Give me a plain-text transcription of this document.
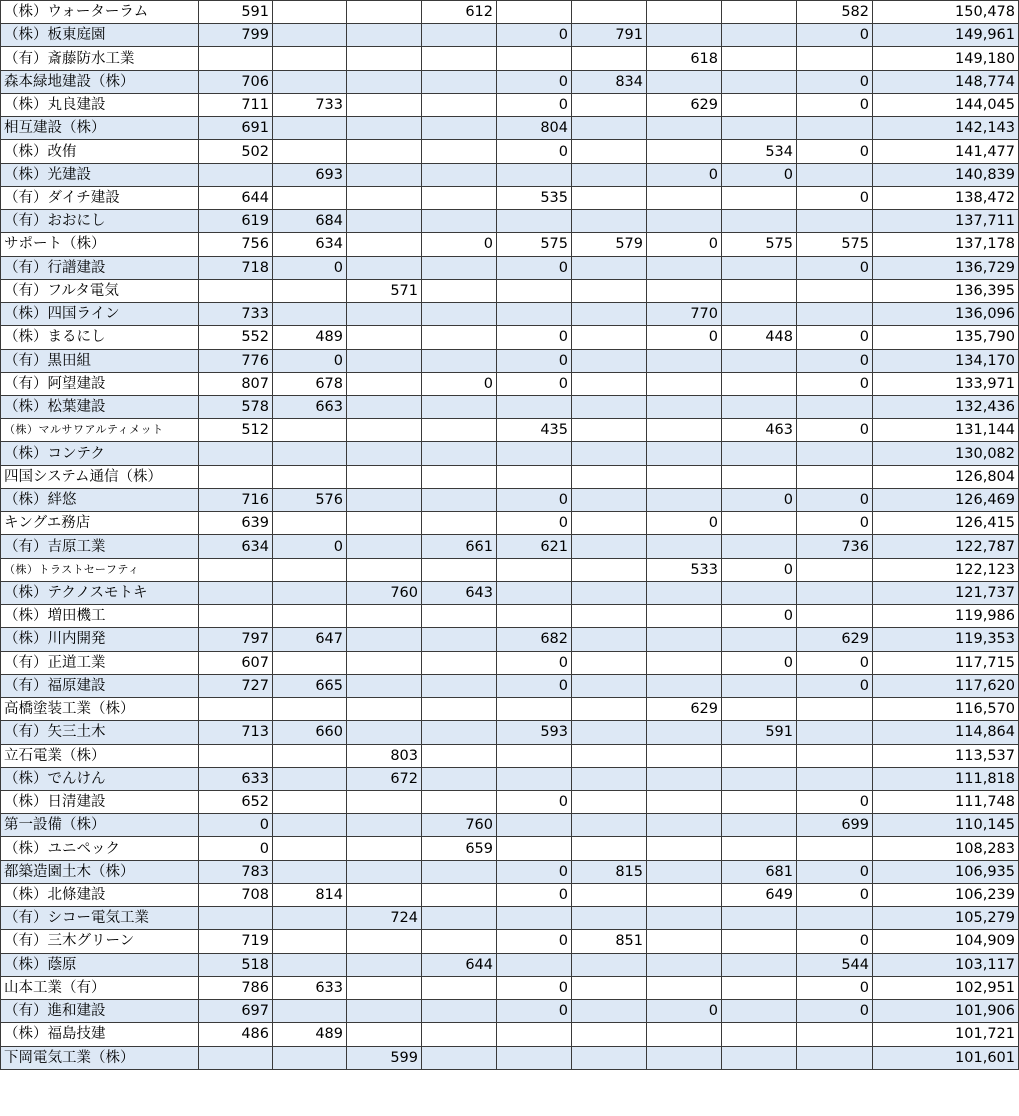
（株）ウォーターラム	591			612					582	150,478
（株）板東庭園	799				0	791			0	149,961
（有）斎藤防水工業							618			149,180
森本緑地建設（株）	706				0	834			0	148,774
（株）丸良建設	711	733			0		629		0	144,045
相互建設（株）	691				804					142,143
（株）改侑	502				0			534	0	141,477
（株）光建設		693					0	0		140,839
（有）ダイチ建設	644				535				0	138,472
（有）おおにし	619	684								137,711
サポート（株）	756	634		0	575	579	0	575	575	137,178
（有）行譜建設	718	0			0				0	136,729
（有）フルタ電気			571							136,395
（株）四国ライン	733						770			136,096
（株）まるにし	552	489			0		0	448	0	135,790
（有）黒田組	776	0			0				0	134,170
（有）阿望建設	807	678		0	0				0	133,971
（株）松葉建設	578	663								132,436
（株）マルサワアルティメット	512				435			463	0	131,144
（株）コンテク										130,082
四国システム通信（株）										126,804
（株）絆悠	716	576			0			0	0	126,469
キングエ務店	639				0		0		0	126,415
（有）吉原工業	634	0		661	621				736	122,787
（株）トラストセーフティ							533	0		122,123
（株）テクノスモトキ			760	643						121,737
（株）増田機工								0		119,986
（株）川内開発	797	647			682				629	119,353
（有）正道工業	607				0			0	0	117,715
（有）福原建設	727	665			0				0	117,620
高橋塗装工業（株）							629			116,570
（有）矢三土木	713	660			593			591		114,864
立石電業（株）			803							113,537
（株）でんけん	633		672							111,818
（株）日清建設	652				0				0	111,748
第一設備（株）	0			760					699	110,145
（株）ユニペック	0			659						108,283
都築造園土木（株）	783				0	815		681	0	106,935
（株）北條建設	708	814			0			649	0	106,239
（有）シコー電気工業			724							105,279
（有）三木グリーン	719				0	851			0	104,909
（株）蔭原	518			644					544	103,117
山本工業（有）	786	633			0				0	102,951
（有）進和建設	697				0		0		0	101,906
（株）福島技建	486	489								101,721
下岡電気工業（株）			599							101,601
